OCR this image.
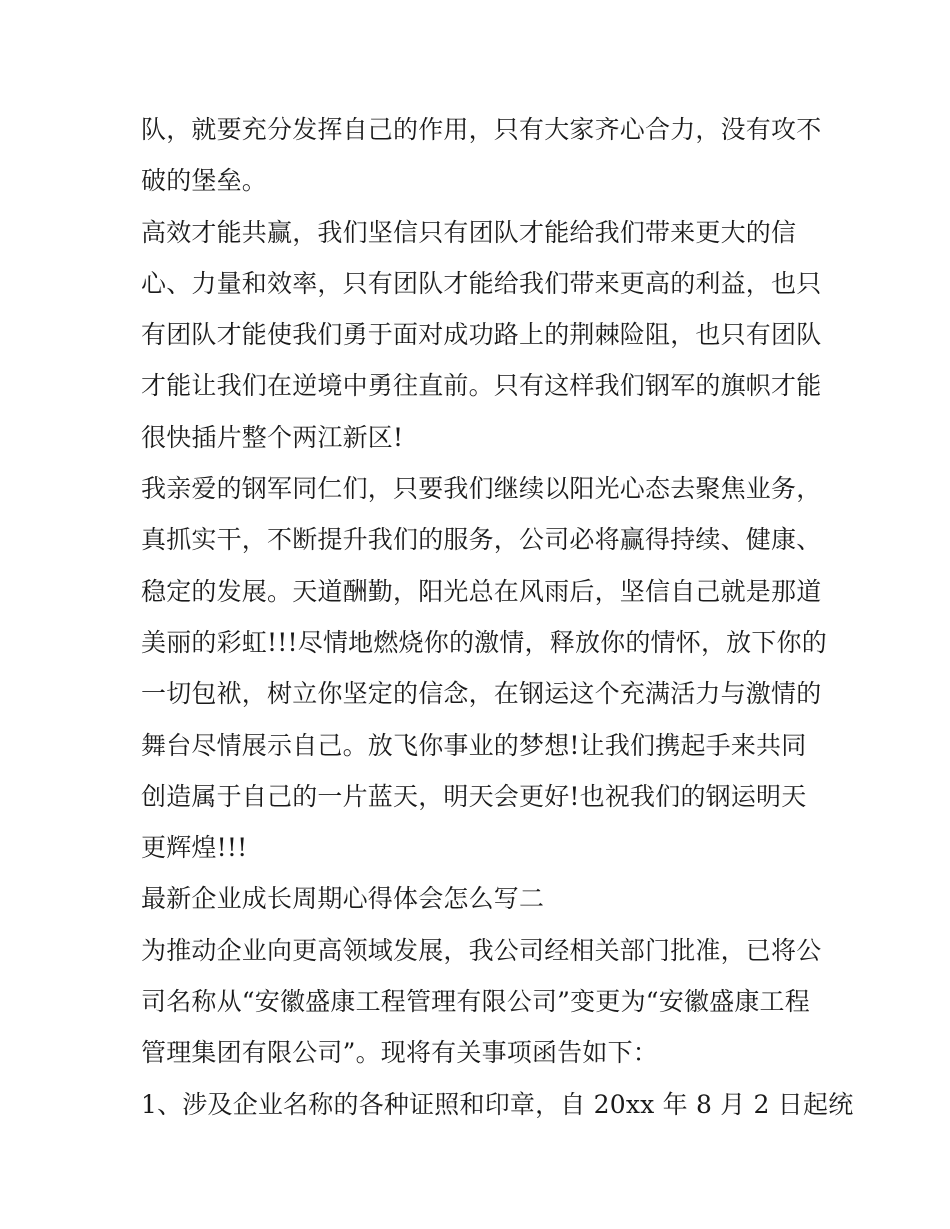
队，就要充分发挥自己的作用，只有大家齐心合力，没有攻不
破的堡垒。
高效才能共赢，我们坚信只有团队才能给我们带来更大的信
心、力量和效率，只有团队才能给我们带来更高的利益，也只
有团队才能使我们勇于面对成功路上的荆棘险阻，也只有团队
才能让我们在逆境中勇往直前。只有这样我们钢军的旗帜才能
很快插片整个两江新区!
我亲爱的钢军同仁们，只要我们继续以阳光心态去聚焦业务，
真抓实干，不断提升我们的服务，公司必将赢得持续、健康、
稳定的发展。天道酬勤，阳光总在风雨后，坚信自己就是那道
美丽的彩虹!!!尽情地燃烧你的激情，释放你的情怀，放下你的
一切包袱，树立你坚定的信念，在钢运这个充满活力与激情的
舞台尽情展示自己。放飞你事业的梦想!让我们携起手来共同
创造属于自己的一片蓝天，明天会更好!也祝我们的钢运明天
更辉煌!!!
最新企业成长周期心得体会怎么写二
为推动企业向更高领域发展，我公司经相关部门批准，已将公
司名称从“安徽盛康工程管理有限公司”变更为“安徽盛康工程
管理集团有限公司”。现将有关事项函告如下：
1、涉及企业名称的各种证照和印章，自 20xx 年 8 月 2 日起统
